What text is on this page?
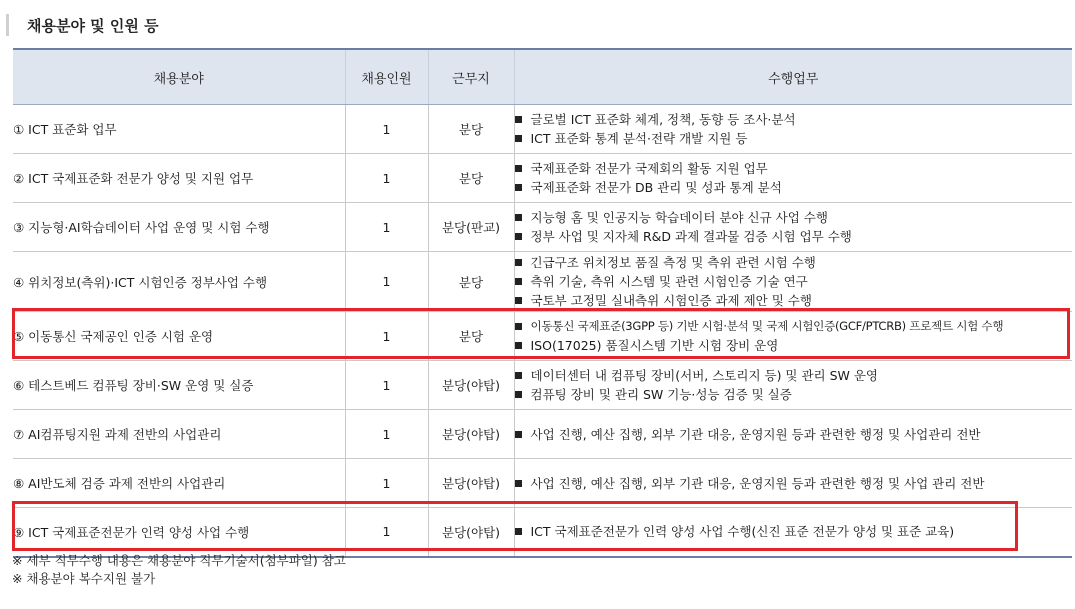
채용분야 및 인원 등
채용분야	채용인원	근무지	수행업무
① ICT 표준화 업무	1	분당	글로벌 ICT 표준화 체계, 정책, 동향 등 조사·분석
ICT 표준화 통계 분석·전략 개발 지원 등

② ICT 국제표준화 전문가 양성 및 지원 업무	1	분당	국제표준화 전문가 국제회의 활동 지원 업무
국제표준화 전문가 DB 관리 및 성과 통계 분석

③ 지능형·AI학습데이터 사업 운영 및 시험 수행	1	분당(판교)	지능형 홈 및 인공지능 학습데이터 분야 신규 사업 수행
정부 사업 및 지자체 R&D 과제 결과물 검증 시험 업무 수행

④ 위치정보(측위)·ICT 시험인증 정부사업 수행	1	분당	긴급구조 위치정보 품질 측정 및 측위 관련 시험 수행
측위 기술, 측위 시스템 및 관련 시험인증 기술 연구
국토부 고정밀 실내측위 시험인증 과제 제안 및 수행

⑤ 이동통신 국제공인 인증 시험 운영	1	분당	이동통신 국제표준(3GPP 등) 기반 시험·분석 및 국제 시험인증(GCF/PTCRB) 프로젝트 시험 수행
ISO(17025) 품질시스템 기반 시험 장비 운영

⑥ 테스트베드 컴퓨팅 장비·SW 운영 및 실증	1	분당(야탑)	데이터센터 내 컴퓨팅 장비(서버, 스토리지 등) 및 관리 SW 운영
컴퓨팅 장비 및 관리 SW 기능·성능 검증 및 실증

⑦ AI컴퓨팅지원 과제 전반의 사업관리	1	분당(야탑)	사업 진행, 예산 집행, 외부 기관 대응, 운영지원 등과 관련한 행정 및 사업관리 전반

⑧ AI반도체 검증 과제 전반의 사업관리	1	분당(야탑)	사업 진행, 예산 집행, 외부 기관 대응, 운영지원 등과 관련한 행정 및 사업 관리 전반

⑨ ICT 국제표준전문가 인력 양성 사업 수행	1	분당(야탑)	ICT 국제표준전문가 인력 양성 사업 수행(신진 표준 전문가 양성 및 표준 교육)
※ 세부 직무수행 내용은 채용분야 직무기술서(첨부파일) 참고
※ 채용분야 복수지원 불가
